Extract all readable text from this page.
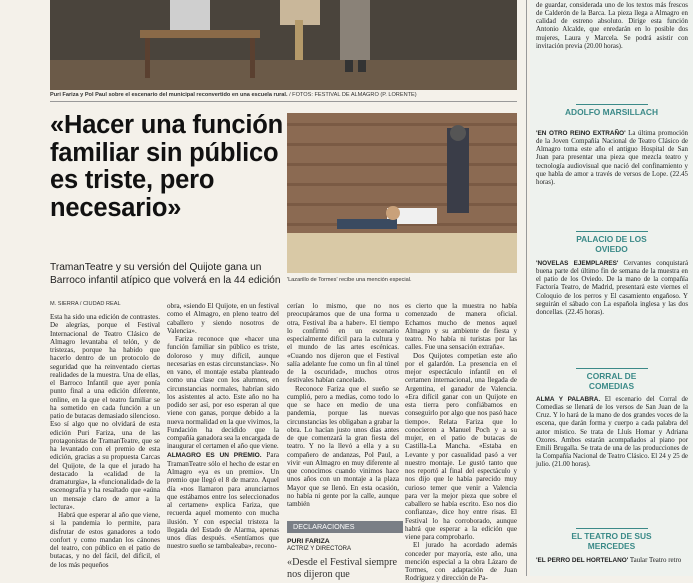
Puri Fariza y Pol Paul sobre el escenario del municipal reconvertido en una escuela rural. / FOTOS: FESTIVAL DE ALMAGRO (P. LORENTE)
«Hacer una función familiar sin público es triste, pero necesario»
TramanTeatre y su versión del Quijote gana un Barroco infantil atípico que volverá en la 44 edición
M. SIERRA / CIUDAD REAL
'Lazarillo de Tormes' recibe una mención especial.

Esta ha sido una edición de contrastes. De alegrías, porque el Festival Internacional de Teatro Clásico de Almagro levantaba el telón, y de tristezas, porque ha habido que hacerlo dentro de un protocolo de seguridad que ha reinventado ciertas realidades de la muestra. Una de ellas, el Barroco Infantil que ayer ponía punto final a una edición diferente, online, en la que el teatro familiar se ha sometido en cada función a un patio de butacas demasiado silencioso. Eso sí algo que no olvidará de esta edición Puri Fariza, una de las protagonistas de TramanTeatre, que se ha levantado con el premio de esta edición, gracias a su propuesta Carcas del Quijote, de la que el jurado ha destacado la «calidad de la dramaturgia», la «funcionalidad» de la escenografía y ha resaltado que «aúna un mensaje claro de amor a la lectura».

Habrá que esperar al año que viene, si la pandemia lo permite, para disfrutar de estos ganadores a todo confort y como mandan los cánones del teatro, con público en el patio de butacas, y no del fácil, del difícil, el de los más pequeños

obra, «siendo El Quijote, en un festival como el Almagro, en pleno teatro del caballero y siendo nosotros de Valencia».

Fariza reconoce que «hacer una función familiar sin público es triste, doloroso y muy difícil, aunque necesarias en estas circunstancias». No en vano, el montaje estaba planteado como una clase con los alumnos, en circunstancias normales, habrían sido los asistentes al acto. Este año no ha podido ser así, por eso esperan al que viene con ganas, porque debido a la nueva normalidad en la que vivimos, la Fundación ha decidido que la compañía ganadora sea la encargada de inaugurar el certamen el año que viene.

ALMAGRO ES UN PREMIO. Para TramanTeatre sólo el hecho de estar en Almagro «ya es un premio». Un premio que llegó el 8 de marzo. Aquel día «nos llamaron para anunciarnos que estábamos entre los seleccionados al certamen» explica Fariza, que recuerda aquel momento con mucha ilusión. Y con especial tristeza la llegada del Estado de Alarma, apenas unos días después. «Sentíamos que nuestro sueño se tambaleaba», recono-

cerían lo mismo, que no nos preocupáramos que de una forma u otra, Festival iba a haber». El tiempo lo confirmó en un escenario especialmente difícil para la cultura y el mundo de las artes escénicas. «Cuando nos dijeron que el Festival salía adelante fue como un fin al túnel de la oscuridad», muchos otros festivales habían cancelado.

Reconoce Fariza que el sueño se cumplió, pero a medias, como todo lo que se hace en medio de una pandemia, porque las nuevas circunstancias les obligaban a grabar la obra. Lo hacían justo unos días antes de que comenzará la gran fiesta del teatro. Y no la llevó a ella y a su compañero de andanzas, Pol Paul, a vivir «un Almagro en muy diferente al que conocimos cuando vinimos hace unos años con un montaje a la plaza Mayor que se llenó. En esta ocasión, no había ni gente por la calle, aunque también

es cierto que la muestra no había comenzado de manera oficial. Echamos mucho de menos aquel Almagro y su ambiente de fiesta y teatro. No había ni turistas por las calles. Fue una sensación extraña».

Dos Quijotes competían este año por el galardón. La presencia en el mejor espectáculo infantil en el certamen internacional, una llegada de Argentina, el ganador de Valencia. «Era difícil ganar con un Quijote en esta tierra pero confiábamos en conseguirlo por algo que nos pasó hace tiempo». Relata Fariza que lo conocieron a Manuel Poch y a su mujer, en el patio de butacas de Castilla-La Mancha. «Estaba en Levante y por casualidad pasó a ver nuestro montaje. Le gustó tanto que nos reportó al final del espectáculo y nos dijo que le había parecido muy curioso temer que venir a Valencia para ver la mejor pieza que sobre el caballero se había escrito. Eso nos dio confianza», dice hoy entre risas. El Festival lo ha corroborado, aunque habrá que esperar a la edición que viene para comprobarlo.

El jurado ha acordado además conceder por mayoría, este año, una mención especial a la obra Lázaro de Tormes, con adaptación de Juan Rodríguez y dirección de Pa-

DECLARACIONES
PURI FARIZA
ACTRIZ Y DIRECTORA
«Desde el Festival siempre nos dijeron que

de guardar, considerada uno de los textos más frescos de Calderón de la Barca. La pieza llega a Almagro en calidad de estreno absoluto. Dirige esta función Antonio Alcalde, que enredarán en lo posible dos mujeres, Laura y Marcela. Se podrá asistir con invitación previa (20.00 horas).

ADOLFO MARSILLACH

'EN OTRO REINO EXTRAÑO' La última promoción de la Joven Compañía Nacional de Teatro Clásico de Almagro toma este año el antiguo Hospital de San Juan para presentar una pieza que mezcla teatro y tecnología audiovisual que nació del confinamiento y que habla de amor a través de versos de Lope. (22.45 horas).

PALACIO DE LOS OVIEDO

'NOVELAS EJEMPLARES' Cervantes conquistará buena parte del último fin de semana de la muestra en el patio de los Oviedo. De la mano de la compañía Factoría Teatro, de Madrid, presentará este viernes el Coloquio de los perros y El casamiento engañoso. Y seguirán el sábado con La española inglesa y las dos doncellas. (22.45 horas).

CORRAL DE COMEDIAS

ALMA Y PALABRA. El escenario del Corral de Comedias se llenará de los versos de San Juan de la Cruz. Y lo hará de la mano de dos grandes voces de la escena, que darán forma y cuerpo a cada palabra del autor místico. Se trata de Lluís Homar y Adriana Ozores. Ambos estarán acompañados al piano por Emili Brugalla. Se trata de una de las producciones de la Compañía Nacional de Teatro Clásico. El 24 y 25 de julio. (21.00 horas).

EL TEATRO DE SUS MERCEDES

'EL PERRO DEL HORTELANO' Taular Teatro retro
